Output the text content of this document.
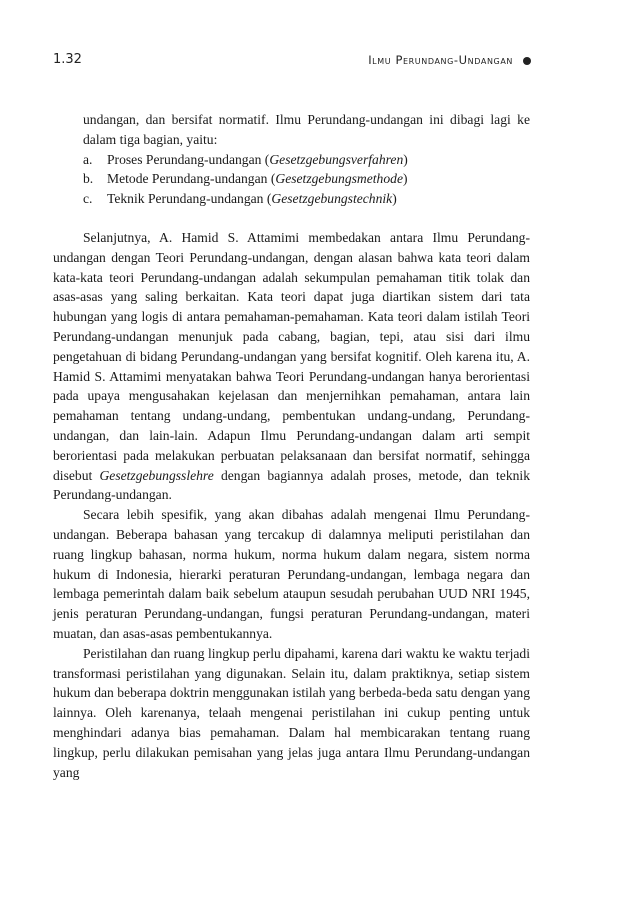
1.32	Ilmu Perundang-Undangan

undangan, dan bersifat normatif. Ilmu Perundang-undangan ini dibagi lagi ke dalam tiga bagian, yaitu:

a.	Proses Perundang-undangan (Gesetzgebungsverfahren)
b.	Metode Perundang-undangan (Gesetzgebungsmethode)
c.	Teknik Perundang-undangan (Gesetzgebungstechnik)

Selanjutnya, A. Hamid S. Attamimi membedakan antara Ilmu Perundang-undangan dengan Teori Perundang-undangan, dengan alasan bahwa kata teori dalam kata-kata teori Perundang-undangan adalah sekumpulan pemahaman titik tolak dan asas-asas yang saling berkaitan. Kata teori dapat juga diartikan sistem dari tata hubungan yang logis di antara pemahaman-pemahaman. Kata teori dalam istilah Teori Perundang-undangan menunjuk pada cabang, bagian, tepi, atau sisi dari ilmu pengetahuan di bidang Perundang-undangan yang bersifat kognitif. Oleh karena itu, A. Hamid S. Attamimi menyatakan bahwa Teori Perundang-undangan hanya berorientasi pada upaya mengusahakan kejelasan dan menjernihkan pemahaman, antara lain pemahaman tentang undang-undang, pembentukan undang-undang, Perundang-undangan, dan lain-lain. Adapun Ilmu Perundang-undangan dalam arti sempit berorientasi pada melakukan perbuatan pelaksanaan dan bersifat normatif, sehingga disebut Gesetzgebungsslehre dengan bagiannya adalah proses, metode, dan teknik Perundang-undangan.

Secara lebih spesifik, yang akan dibahas adalah mengenai Ilmu Perundang-undangan. Beberapa bahasan yang tercakup di dalamnya meliputi peristilahan dan ruang lingkup bahasan, norma hukum, norma hukum dalam negara, sistem norma hukum di Indonesia, hierarki peraturan Perundang-undangan, lembaga negara dan lembaga pemerintah dalam baik sebelum ataupun sesudah perubahan UUD NRI 1945, jenis peraturan Perundang-undangan, fungsi peraturan Perundang-undangan, materi muatan, dan asas-asas pembentukannya.

Peristilahan dan ruang lingkup perlu dipahami, karena dari waktu ke waktu terjadi transformasi peristilahan yang digunakan. Selain itu, dalam praktiknya, setiap sistem hukum dan beberapa doktrin menggunakan istilah yang berbeda-beda satu dengan yang lainnya. Oleh karenanya, telaah mengenai peristilahan ini cukup penting untuk menghindari adanya bias pemahaman. Dalam hal membicarakan tentang ruang lingkup, perlu dilakukan pemisahan yang jelas juga antara Ilmu Perundang-undangan yang
